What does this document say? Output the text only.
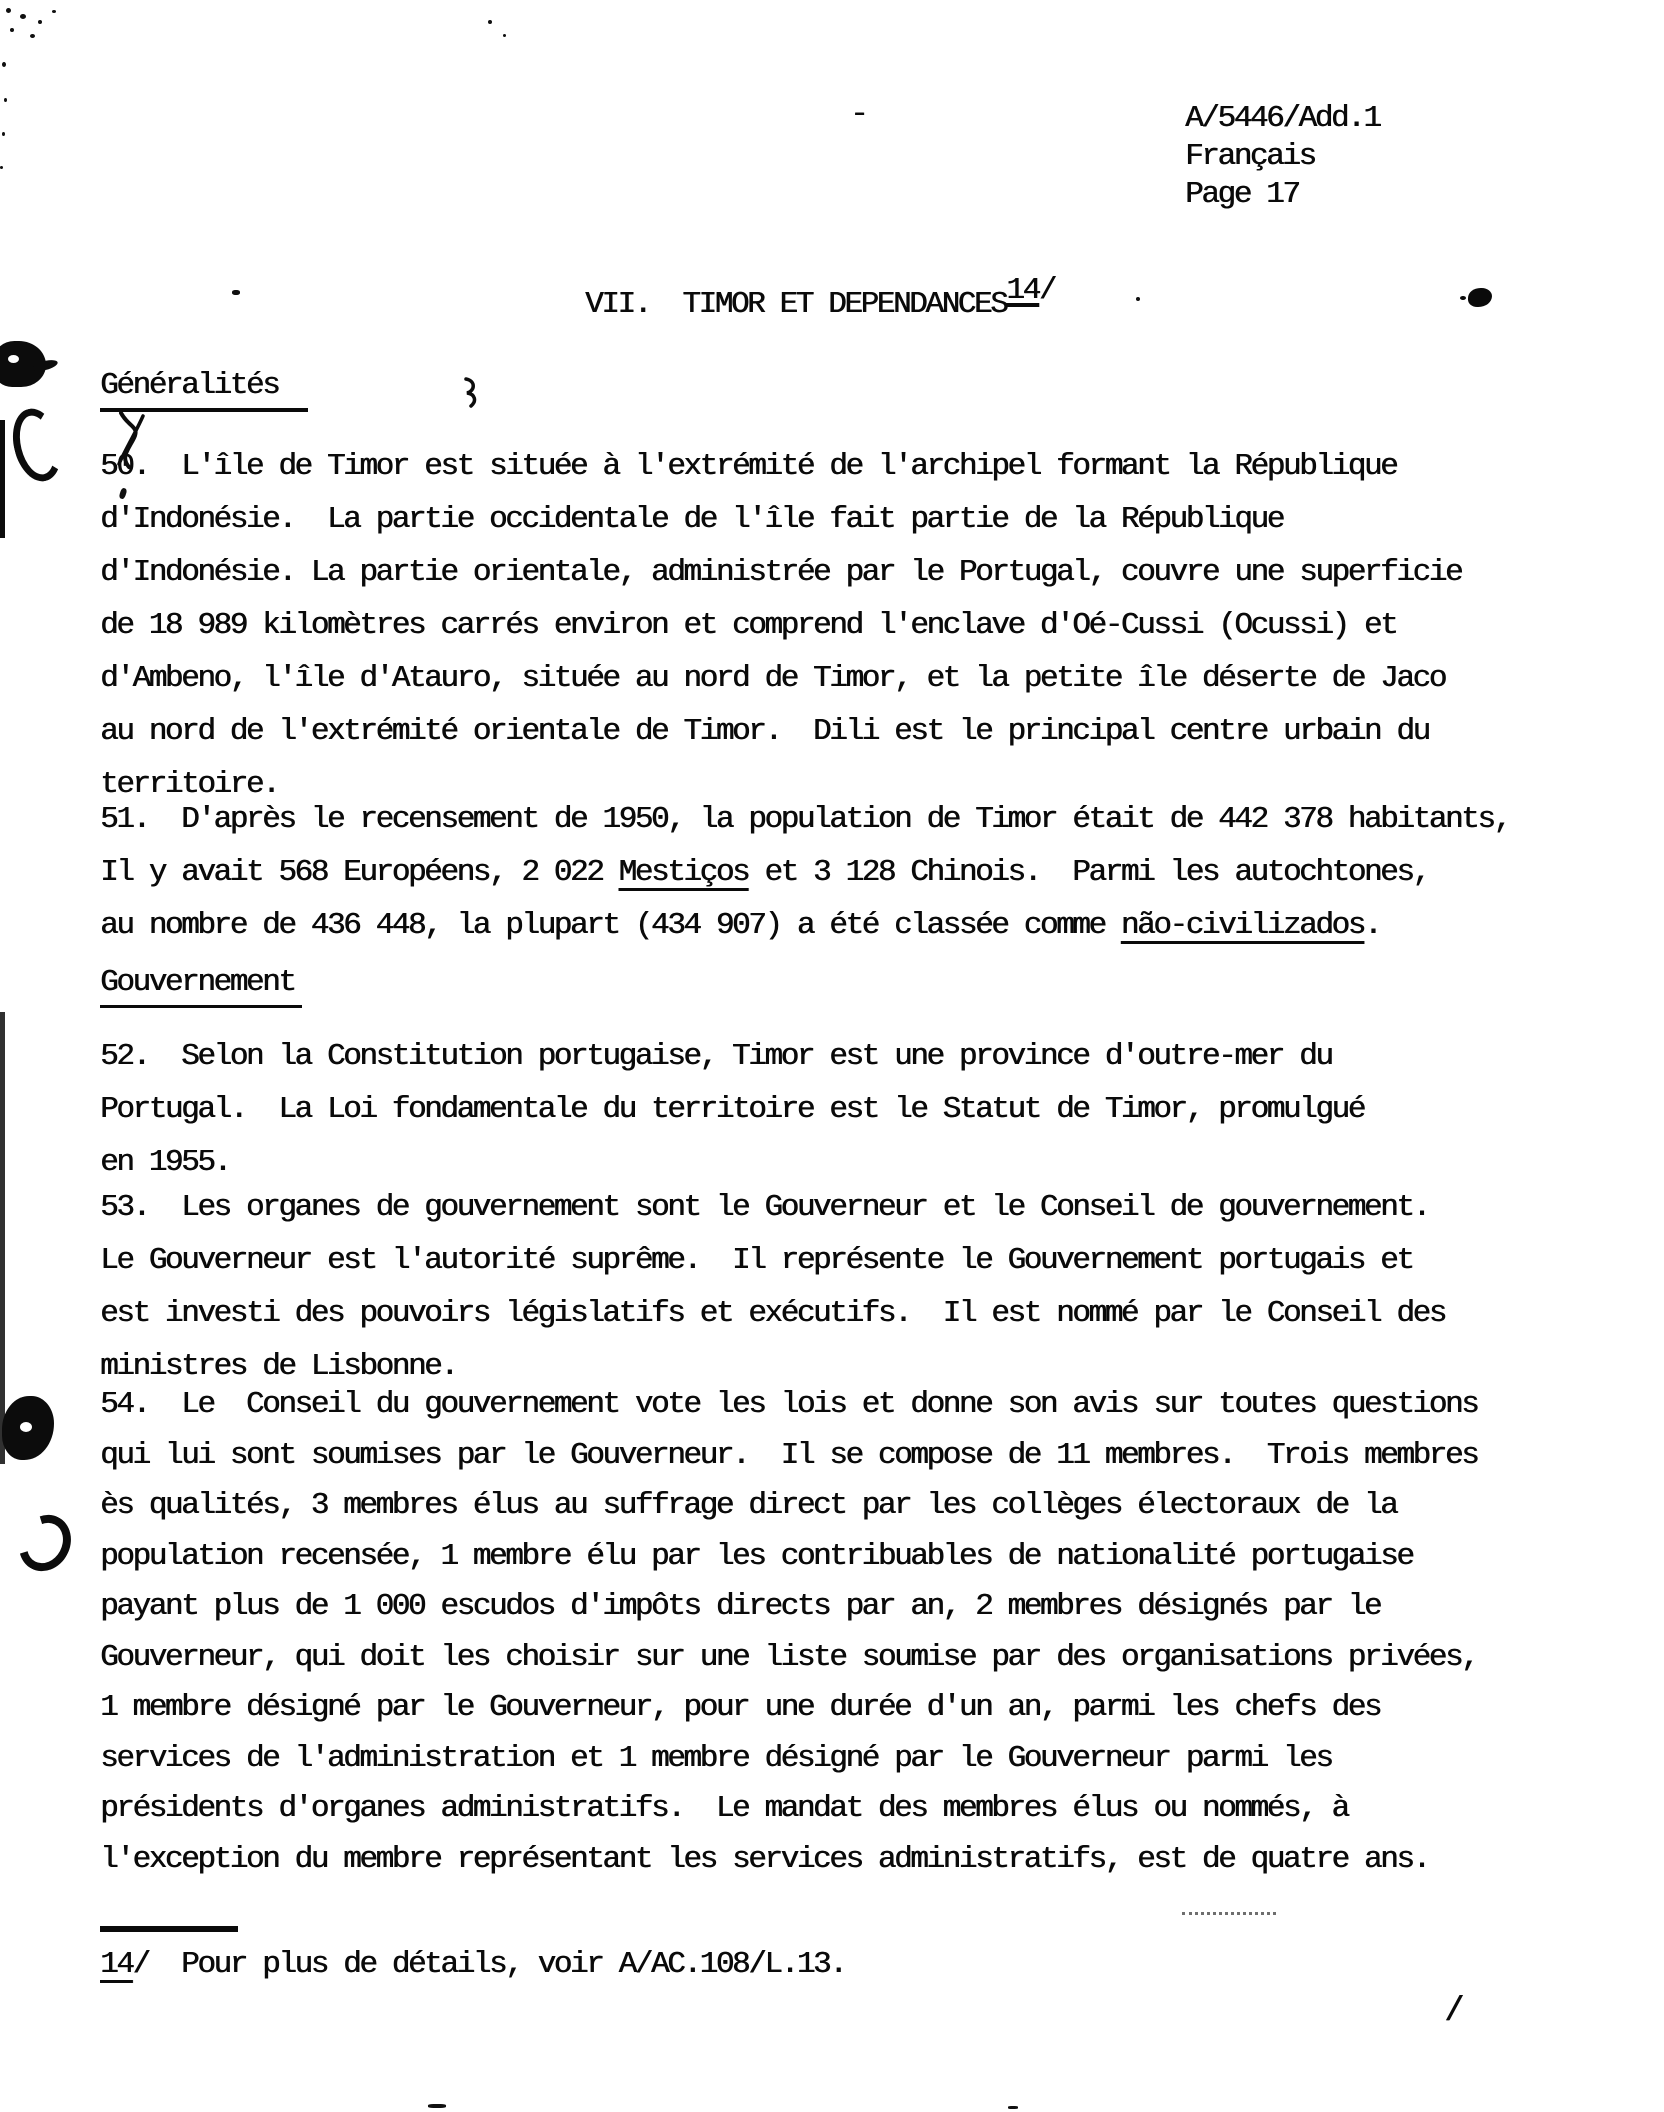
A/5446/Add.1
Français
Page 17
-
VII.  TIMOR ET DEPENDANCES14/
Généralités
Gouvernement
50.  L'île de Timor est située à l'extrémité de l'archipel formant la République
d'Indonésie.  La partie occidentale de l'île fait partie de la République
d'Indonésie. La partie orientale, administrée par le Portugal, couvre une superficie
de 18 989 kilomètres carrés environ et comprend l'enclave d'Oé-Cussi (Ocussi) et
d'Ambeno, l'île d'Atauro, située au nord de Timor, et la petite île déserte de Jaco
au nord de l'extrémité orientale de Timor.  Dili est le principal centre urbain du
territoire.
51.  D'après le recensement de 1950, la population de Timor était de 442 378 habitants,
Il y avait 568 Européens, 2 022 Mestiços et 3 128 Chinois.  Parmi les autochtones,
au nombre de 436 448, la plupart (434 907) a été classée comme não-civilizados.
52.  Selon la Constitution portugaise, Timor est une province d'outre-mer du
Portugal.  La Loi fondamentale du territoire est le Statut de Timor, promulgué
en 1955.
53.  Les organes de gouvernement sont le Gouverneur et le Conseil de gouvernement.
Le Gouverneur est l'autorité suprême.  Il représente le Gouvernement portugais et
est investi des pouvoirs législatifs et exécutifs.  Il est nommé par le Conseil des
ministres de Lisbonne.
54.  Le  Conseil du gouvernement vote les lois et donne son avis sur toutes questions
qui lui sont soumises par le Gouverneur.  Il se compose de 11 membres.  Trois membres
ès qualités, 3 membres élus au suffrage direct par les collèges électoraux de la
population recensée, 1 membre élu par les contribuables de nationalité portugaise
payant plus de 1 000 escudos d'impôts directs par an, 2 membres désignés par le
Gouverneur, qui doit les choisir sur une liste soumise par des organisations privées,
1 membre désigné par le Gouverneur, pour une durée d'un an, parmi les chefs des
services de l'administration et 1 membre désigné par le Gouverneur parmi les
présidents d'organes administratifs.  Le mandat des membres élus ou nommés, à
l'exception du membre représentant les services administratifs, est de quatre ans.
14/  Pour plus de détails, voir A/AC.108/L.13.
/
